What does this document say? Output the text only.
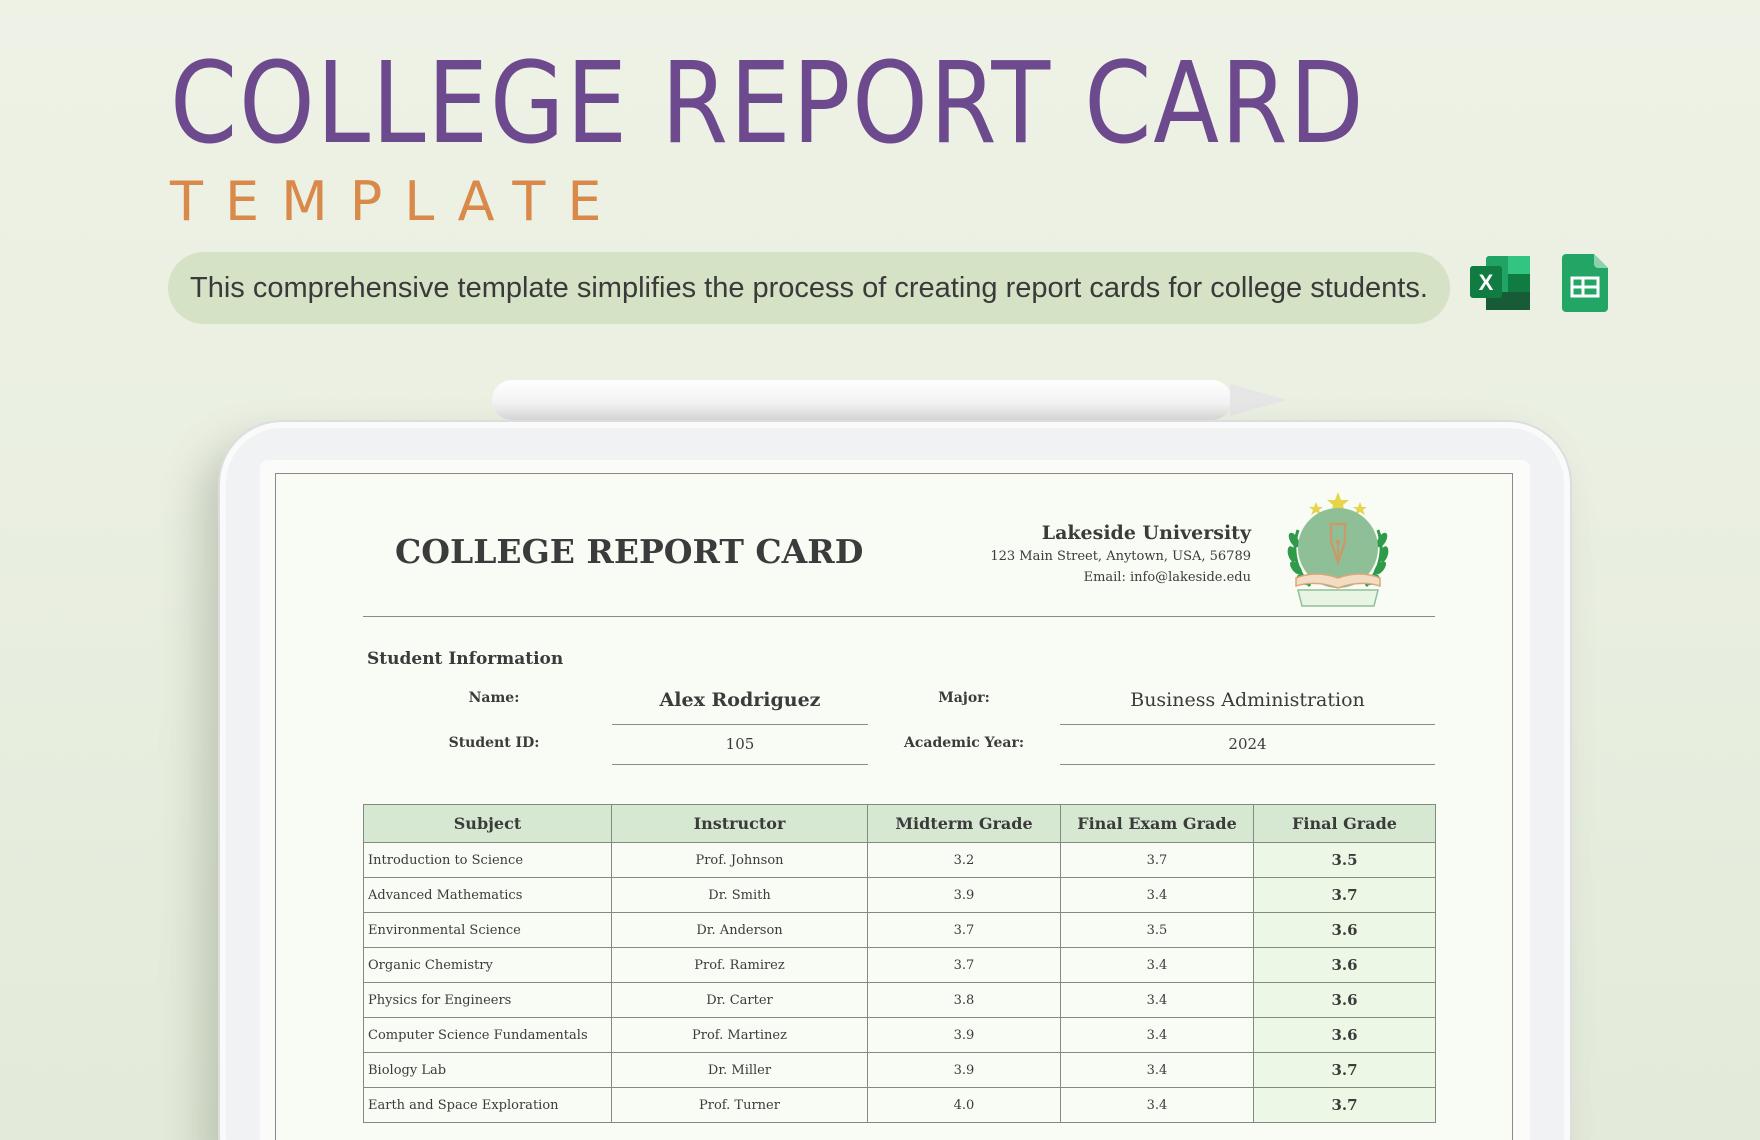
COLLEGE REPORT CARD
TEMPLATE
This comprehensive template simplifies the process of creating report cards for college students. X
COLLEGE REPORT CARD	Lakeside University
123 Main Street, Anytown, USA, 56789
Email: info@lakeside.edu
Student Information
Name:	Alex Rodriguez	Major:	Business Administration
Student ID:	105	Academic Year:	2024
Subject	Instructor	Midterm Grade	Final Exam Grade	Final Grade
Introduction to Science	Prof. Johnson	3.2	3.7	3.5
Advanced Mathematics	Dr. Smith	3.9	3.4	3.7
Environmental Science	Dr. Anderson	3.7	3.5	3.6
Organic Chemistry	Prof. Ramirez	3.7	3.4	3.6
Physics for Engineers	Dr. Carter	3.8	3.4	3.6
Computer Science Fundamentals	Prof. Martinez	3.9	3.4	3.6
Biology Lab	Dr. Miller	3.9	3.4	3.7
Earth and Space Exploration	Prof. Turner	4.0	3.4	3.7
